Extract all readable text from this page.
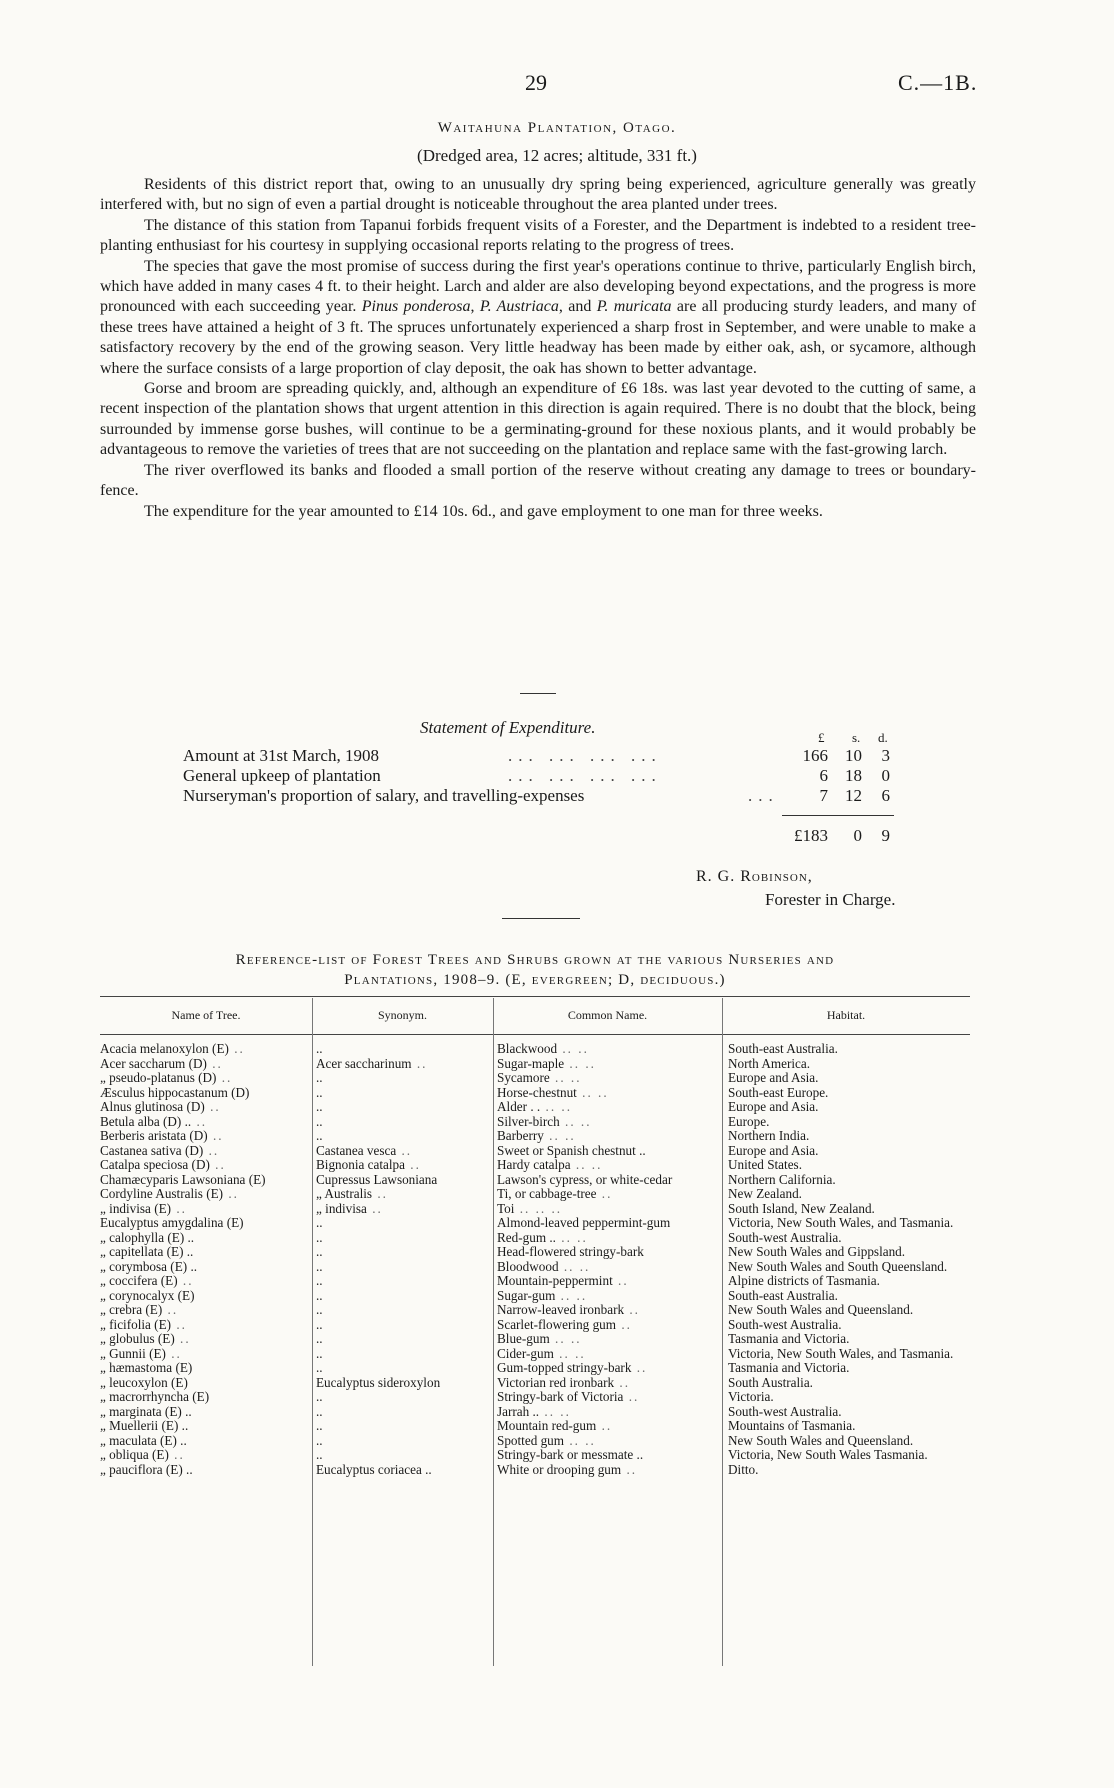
29	C.—1B.
Waitahuna Plantation, Otago.
(Dredged area, 12 acres; altitude, 331 ft.)

Residents of this district report that, owing to an unusually dry spring being experienced, agriculture generally was greatly interfered with, but no sign of even a partial drought is noticeable throughout the area planted under trees.

The distance of this station from Tapanui forbids frequent visits of a Forester, and the Department is indebted to a resident tree-planting enthusiast for his courtesy in supplying occasional reports relating to the progress of trees.

The species that gave the most promise of success during the first year's operations continue to thrive, particularly English birch, which have added in many cases 4 ft. to their height. Larch and alder are also developing beyond expectations, and the progress is more pronounced with each succeeding year. Pinus ponderosa, P. Austriaca, and P. muricata are all producing sturdy leaders, and many of these trees have attained a height of 3 ft. The spruces unfortunately experienced a sharp frost in September, and were unable to make a satisfactory recovery by the end of the growing season. Very little headway has been made by either oak, ash, or sycamore, although where the surface consists of a large proportion of clay deposit, the oak has shown to better advantage.

Gorse and broom are spreading quickly, and, although an expenditure of £6 18s. was last year devoted to the cutting of same, a recent inspection of the plantation shows that urgent attention in this direction is again required. There is no doubt that the block, being surrounded by immense gorse bushes, will continue to be a germinating-ground for these noxious plants, and it would probably be advantageous to remove the varieties of trees that are not succeeding on the plantation and replace same with the fast-growing larch.

The river overflowed its banks and flooded a small portion of the reserve without creating any damage to trees or boundary-fence.

The expenditure for the year amounted to £14 10s. 6d., and gave employment to one man for three weeks.

Statement of Expenditure.
£ s. d.
Amount at 31st March, 1908	... ... ... ...	166	10	3
General upkeep of plantation	... ... ... ...	6	18	0
Nurseryman's proportion of salary, and travelling-expenses	...	7	12	6
£183	0	9
R. G. Robinson,
Forester in Charge.
Reference-list of Forest Trees and Shrubs grown at the various Nurseries and
Plantations, 1908–9. (E, evergreen; D, deciduous.)
Name of Tree.	Synonym.	Common Name.	Habitat.
Acacia melanoxylon (E) ..	..	Blackwood .. ..	South-east Australia.
Acer saccharum (D) ..	Acer saccharinum ..	Sugar-maple .. ..	North America.
„ pseudo-platanus (D) ..	..	Sycamore .. ..	Europe and Asia.
Æsculus hippocastanum (D)	..	Horse-chestnut .. ..	South-east Europe.
Alnus glutinosa (D) ..	..	Alder . . .. ..	Europe and Asia.
Betula alba (D) .. ..	..	Silver-birch .. ..	Europe.
Berberis aristata (D) ..	..	Barberry .. ..	Northern India.
Castanea sativa (D) ..	Castanea vesca ..	Sweet or Spanish chestnut ..	Europe and Asia.
Catalpa speciosa (D) ..	Bignonia catalpa ..	Hardy catalpa .. ..	United States.
Chamæcyparis Lawsoniana (E)	Cupressus Lawsoniana	Lawson's cypress, or white-cedar	Northern California.
Cordyline Australis (E) ..	„ Australis ..	Ti, or cabbage-tree ..	New Zealand.
„ indivisa (E) ..	„ indivisa ..	Toi .. .. ..	South Island, New Zealand.
Eucalyptus amygdalina (E)	..	Almond-leaved peppermint-gum	Victoria, New South Wales, and Tasmania.
„ calophylla (E) ..	..	Red-gum .. .. ..	South-west Australia.
„ capitellata (E) ..	..	Head-flowered stringy-bark	New South Wales and Gippsland.
„ corymbosa (E) ..	..	Bloodwood .. ..	New South Wales and South Queensland.
„ coccifera (E) ..	..	Mountain-peppermint ..	Alpine districts of Tasmania.
„ corynocalyx (E)	..	Sugar-gum .. ..	South-east Australia.
„ crebra (E) ..	..	Narrow-leaved ironbark ..	New South Wales and Queensland.
„ ficifolia (E) ..	..	Scarlet-flowering gum ..	South-west Australia.
„ globulus (E) ..	..	Blue-gum .. ..	Tasmania and Victoria.
„ Gunnii (E) ..	..	Cider-gum .. ..	Victoria, New South Wales, and Tasmania.
„ hæmastoma (E)	..	Gum-topped stringy-bark ..	Tasmania and Victoria.
„ leucoxylon (E)	Eucalyptus sideroxylon	Victorian red ironbark ..	South Australia.
„ macrorrhyncha (E)	..	Stringy-bark of Victoria ..	Victoria.
„ marginata (E) ..	..	Jarrah .. .. ..	South-west Australia.
„ Muellerii (E) ..	..	Mountain red-gum ..	Mountains of Tasmania.
„ maculata (E) ..	..	Spotted gum .. ..	New South Wales and Queensland.
„ obliqua (E) ..	..	Stringy-bark or messmate ..	Victoria, New South Wales Tasmania.
„ pauciflora (E) ..	Eucalyptus coriacea ..	White or drooping gum ..	Ditto.
